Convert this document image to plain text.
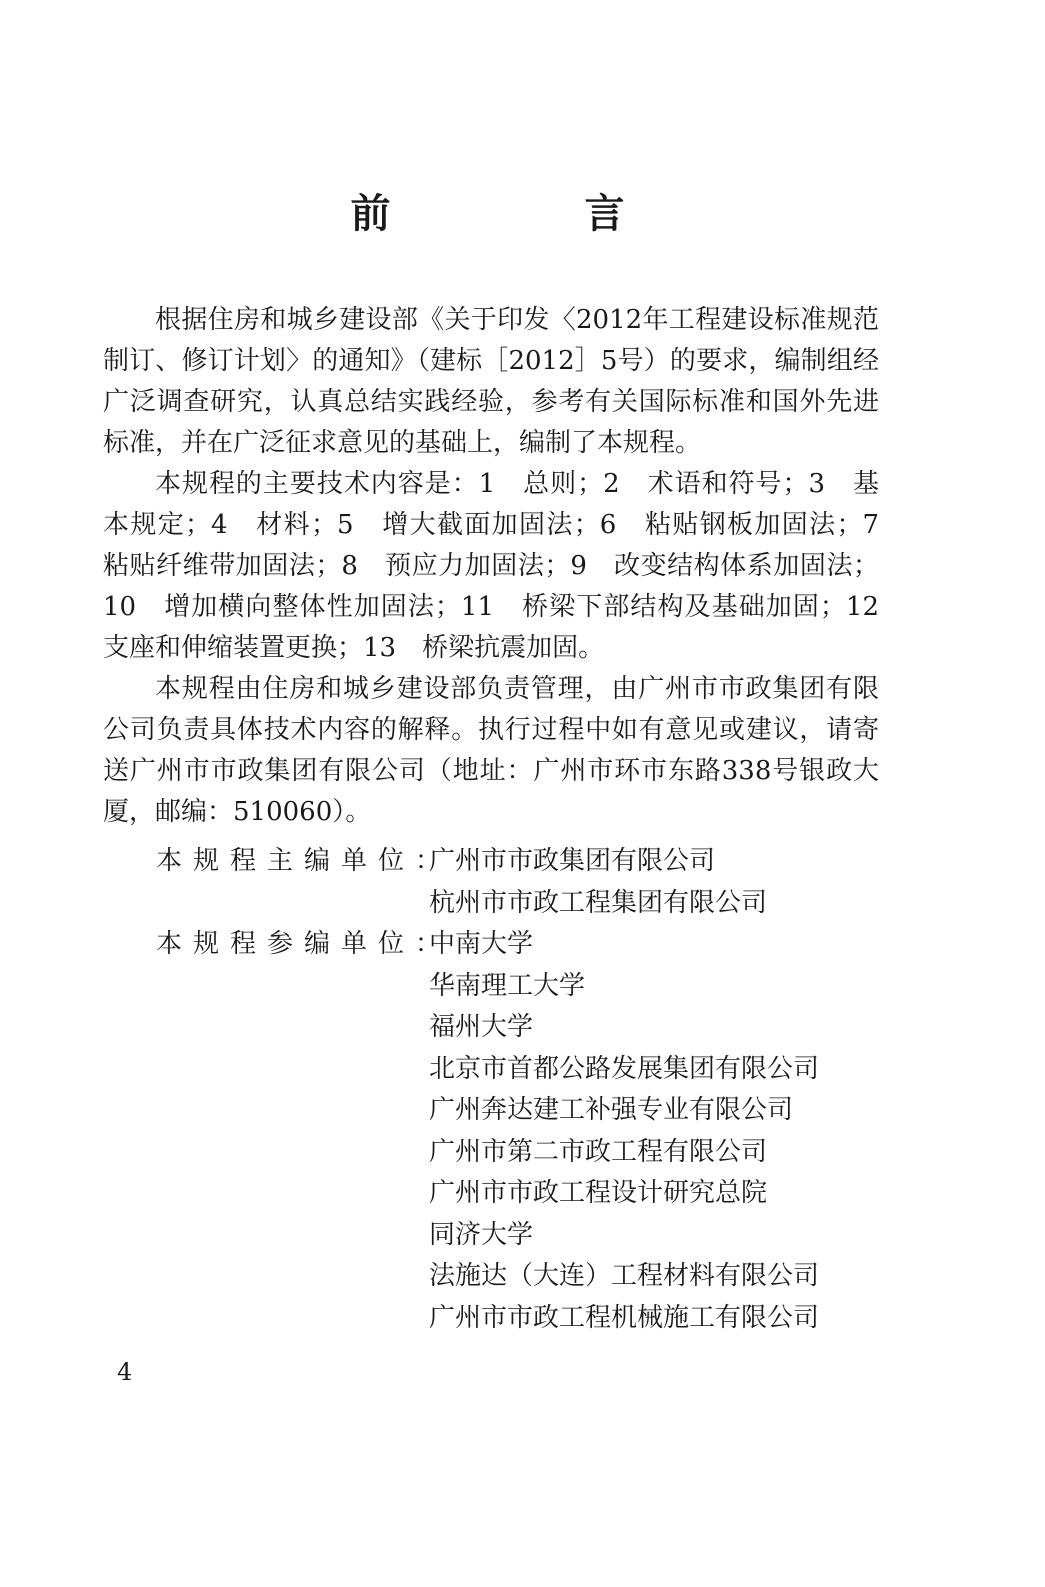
前 言

根据住房和城乡建设部《关于印发〈2012年工程建设标准规范制订、修订计划〉的通知》（建标［2012］5号）的要求，编制组经广泛调查研究，认真总结实践经验，参考有关国际标准和国外先进标准，并在广泛征求意见的基础上，编制了本规程。

本规程的主要技术内容是：1　总则；2　术语和符号；3　基本规定；4　材料；5　增大截面加固法；6　粘贴钢板加固法；7　粘贴纤维带加固法；8　预应力加固法；9　改变结构体系加固法；10　增加横向整体性加固法；11　桥梁下部结构及基础加固；12　支座和伸缩装置更换；13　桥梁抗震加固。

本规程由住房和城乡建设部负责管理，由广州市市政集团有限公司负责具体技术内容的解释。执行过程中如有意见或建议，请寄送广州市市政集团有限公司（地址：广州市环市东路338号银政大厦，邮编：510060）。

本规程主编单位：
广州市市政集团有限公司
杭州市市政工程集团有限公司
本规程参编单位：
中南大学
华南理工大学
福州大学
北京市首都公路发展集团有限公司
广州奔达建工补强专业有限公司
广州市第二市政工程有限公司
广州市市政工程设计研究总院
同济大学
法施达（大连）工程材料有限公司
广州市市政工程机械施工有限公司
4
